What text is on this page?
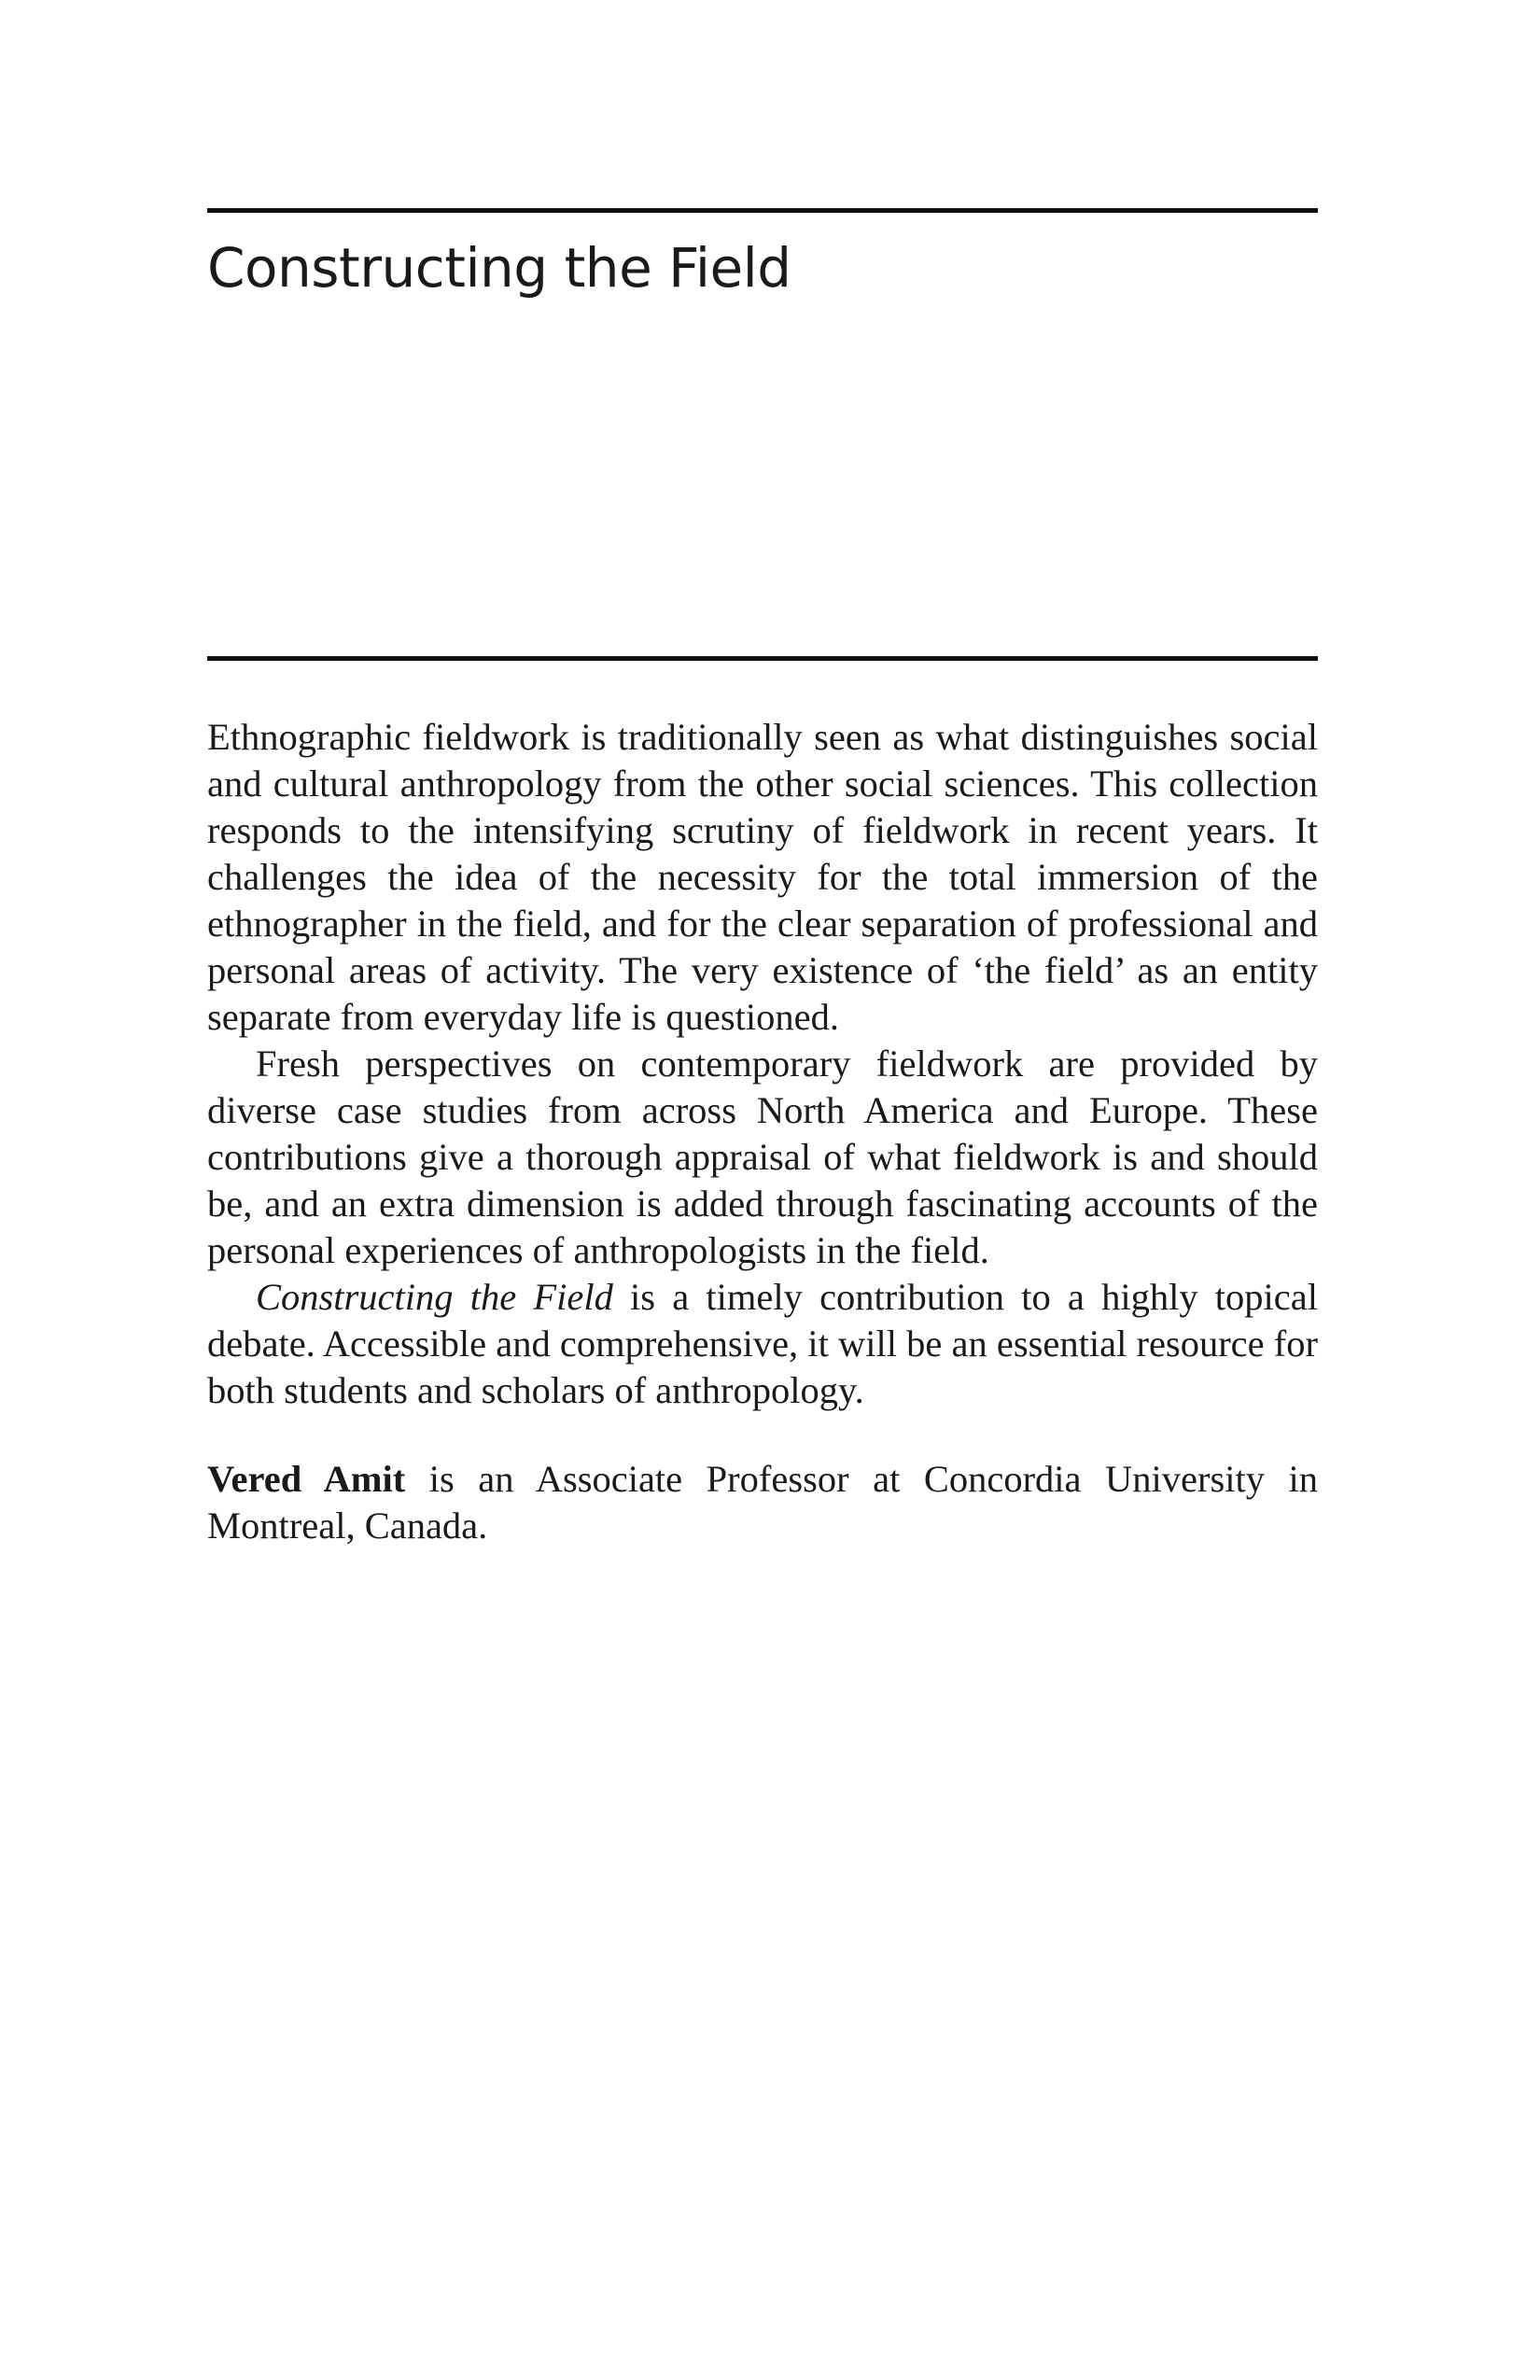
Constructing the Field

Ethnographic fieldwork is traditionally seen as what distinguishes social and cultural anthropology from the other social sciences. This collection responds to the intensifying scrutiny of fieldwork in recent years. It challenges the idea of the necessity for the total immersion of the ethnographer in the field, and for the clear separation of professional and personal areas of activity. The very existence of ‘the field’ as an entity separate from everyday life is questioned.

Fresh perspectives on contemporary fieldwork are provided by diverse case studies from across North America and Europe. These contributions give a thorough appraisal of what fieldwork is and should be, and an extra dimension is added through fascinating accounts of the personal experiences of anthropologists in the field.

Constructing the Field is a timely contribution to a highly topical debate. Accessible and comprehensive, it will be an essential resource for both students and scholars of anthropology.

Vered Amit is an Associate Professor at Concordia University in Montreal, Canada.
